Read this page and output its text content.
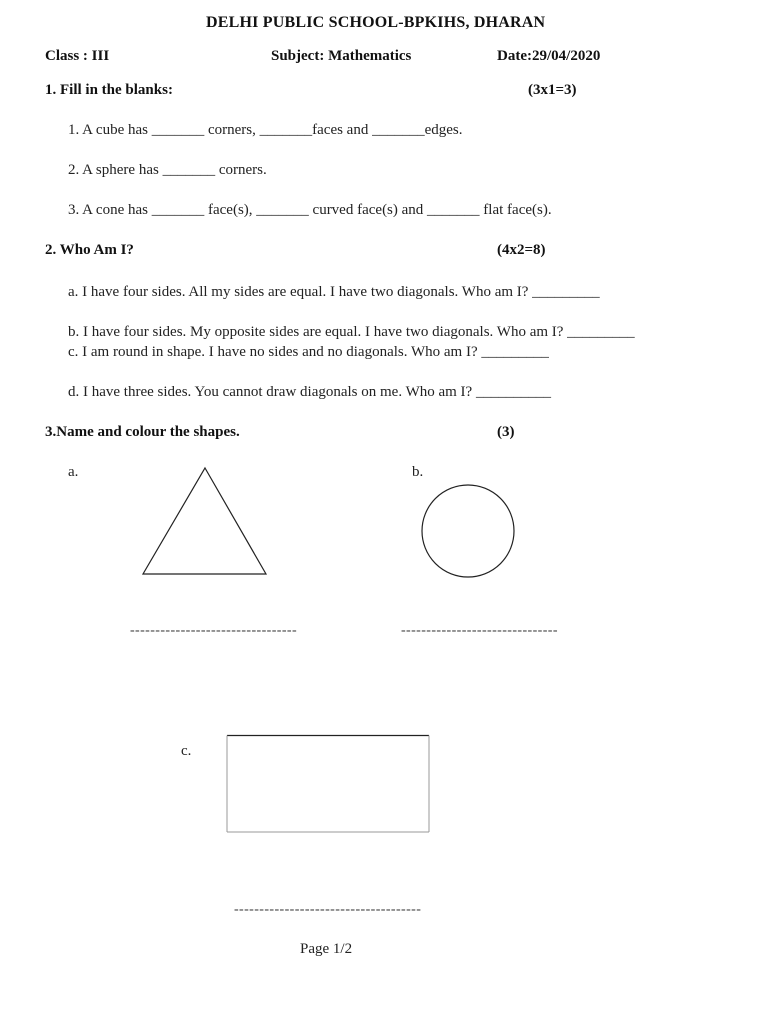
DELHI PUBLIC SCHOOL-BPKIHS, DHARAN
Class : III	Subject: Mathematics	Date:29/04/2020
1. Fill in the blanks:	(3x1=3)
1. A cube has _______ corners, _______faces and _______edges.
2. A sphere has _______ corners.
3. A cone has _______ face(s), _______ curved face(s) and _______ flat face(s).
2. Who Am I?	(4x2=8)
a. I have four sides. All my sides are equal. I have two diagonals. Who am I? _________
b. I have four sides. My opposite sides are equal. I have two diagonals. Who am I? _________
c. I am round in shape. I have no sides and no diagonals. Who am I? _________
d. I have three sides. You cannot draw diagonals on me. Who am I? __________
3.Name and colour the shapes.	(3)
a.	b.
---------------------------------	-------------------------------
c.
-------------------------------------
Page 1/2
